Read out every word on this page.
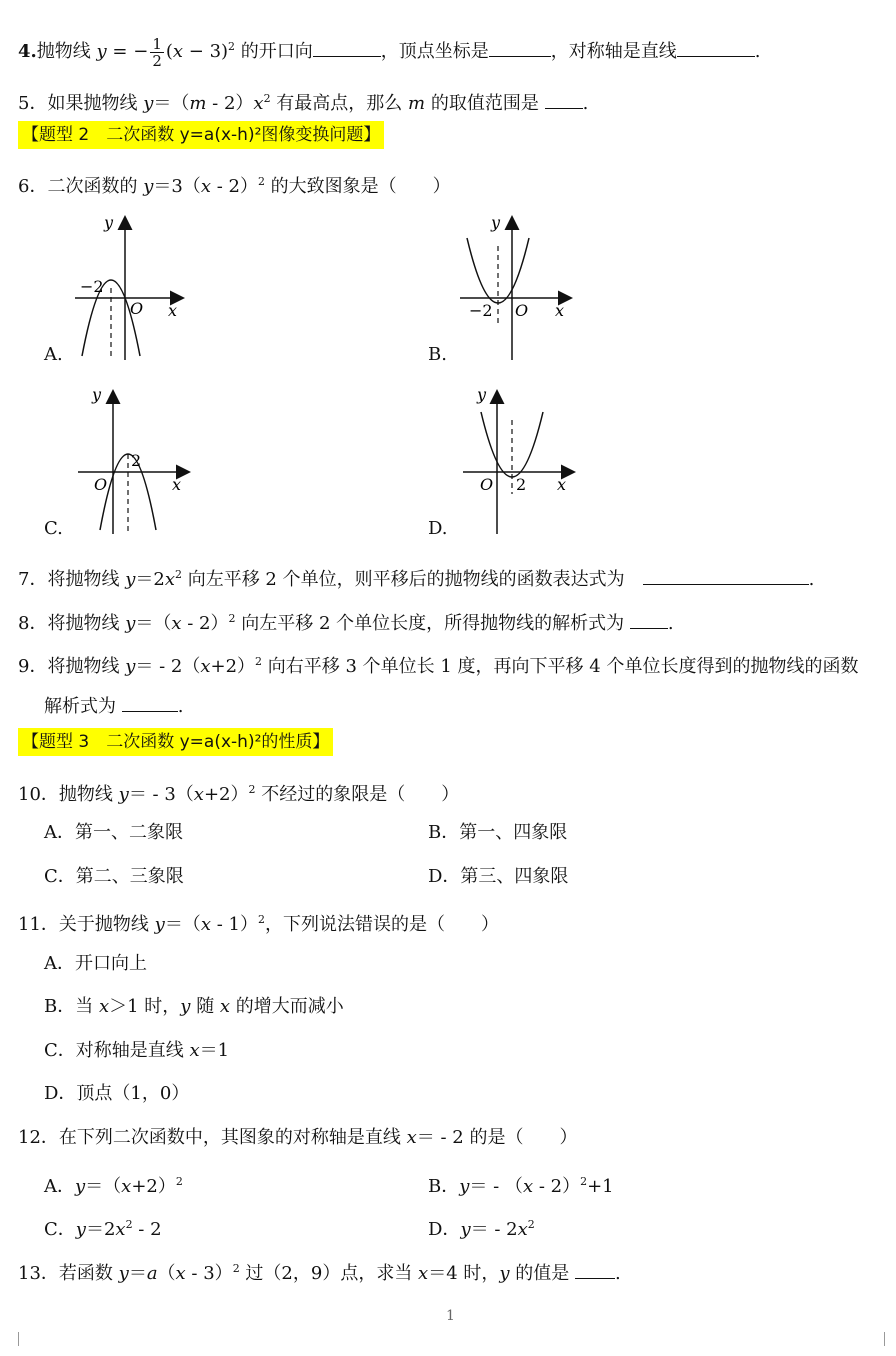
4.抛物线 y = − $\frac{1}{2} (x - 3)^2$ 的开口向	，顶点坐标是	，对称轴是直线	.
5．如果抛物线 $y=(m - 2)x^2$ 有最高点，那么 m 的取值范围是 .
【题型 2　二次函数 y=a(x-h)²图像变换问题】
6．二次函数的 y＝3（x - 2）$^2$ 的大致图象是（　　）
A.	B.
C.	D.
y
x
O
−2
y
x
O
−2
y
x
O
2
y
x
O 2
7．将抛物线 $y=2x^2$ 向左平移 2 个单位，则平移后的抛物线的函数表达式为　	.
8．将抛物线 y＝（x - 2）$^2$ 向左平移 2 个单位长度，所得抛物线的解析式为 .
9．将抛物线 $y= - 2(x+2)^2$ 向右平移 3 个单位长 1 度，再向下平移 4 个单位长度得到的抛物线的函数
解析式为	.
【题型 3　二次函数 y=a(x-h)²的性质】
10．抛物线 $y= - 3(x+2)^2$ 不经过的象限是（　　）
A．第一、二象限	B．第一、四象限
C．第二、三象限	D．第三、四象限
11．关于抛物线 y＝（x - 1）$^2$，下列说法错误的是（　　）
A．开口向上
B．当 x＞1 时，y 随 x 的增大而减小
C．对称轴是直线 x＝1
D．顶点（1，0）
12．在下列二次函数中，其图象的对称轴是直线 x＝ - 2 的是（　　）
A．$y=(x+2)^2$	B．y＝ - （x - 2）$^2$+1
C．$y=2x^2 - 2$	D．$y= - 2x^2$
13．若函数 y＝a（x - 3）$^2$ 过（2，9）点，求当 x＝4 时，y 的值是 .
1
